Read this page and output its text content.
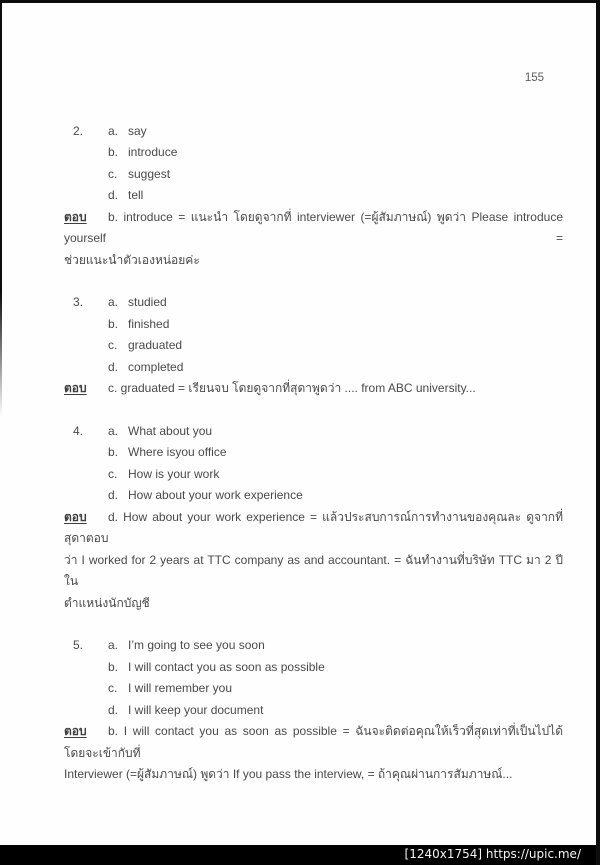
155
2.	a. say
b. introduce
c. suggest
d. tell
ตอบ b. introduce = แนะนำ โดยดูจากที่ interviewer (=ผู้สัมภาษณ์) พูดว่า Please introduce yourself =
ช่วยแนะนำตัวเองหน่อยค่ะ
3.	a. studied
b. finished
c. graduated
d. completed
ตอบ c. graduated = เรียนจบ โดยดูจากที่สุดาพูดว่า .... from ABC university...
4.	a. What about you
b. Where isyou office
c. How is your work
d. How about your work experience
ตอบ d. How about your work experience = แล้วประสบการณ์การทำงานของคุณละ ดูจากที่สุดาตอบ
ว่า I worked for 2 years at TTC company as and accountant. = ฉันทำงานที่บริษัท TTC มา 2 ปี ใน
ตำแหน่งนักบัญชี
5.	a. I’m going to see you soon
b. I will contact you as soon as possible
c. I will remember you
d. I will keep your document
ตอบ b. I will contact you as soon as possible = ฉันจะติดต่อคุณให้เร็วที่สุดเท่าที่เป็นไปได้ โดยจะเข้ากับที่
Interviewer (=ผู้สัมภาษณ์) พูดว่า If you pass the interview, = ถ้าคุณผ่านการสัมภาษณ์...
[1240x1754] https://upic.me/
